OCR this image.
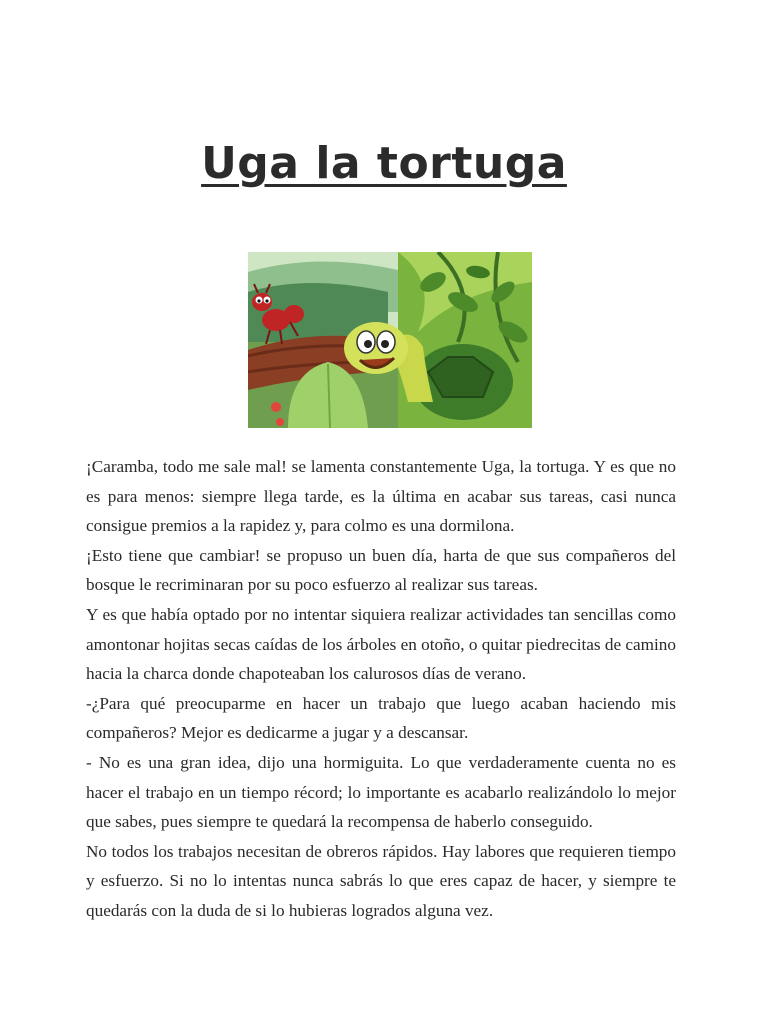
Uga la tortuga

¡Caramba, todo me sale mal! se lamenta constantemente Uga, la tortuga. Y es que no es para menos: siempre llega tarde, es la última en acabar sus tareas, casi nunca consigue premios a la rapidez y, para colmo es una dormilona.

¡Esto tiene que cambiar! se propuso un buen día, harta de que sus compañeros del bosque le recriminaran por su poco esfuerzo al realizar sus tareas.

Y es que había optado por no intentar siquiera realizar actividades tan sencillas como amontonar hojitas secas caídas de los árboles en otoño, o quitar piedrecitas de camino hacia la charca donde chapoteaban los calurosos días de verano.

-¿Para qué preocuparme en hacer un trabajo que luego acaban haciendo mis compañeros? Mejor es dedicarme a jugar y a descansar.

- No es una gran idea, dijo una hormiguita. Lo que verdaderamente cuenta no es hacer el trabajo en un tiempo récord; lo importante es acabarlo realizándolo lo mejor que sabes, pues siempre te quedará la recompensa de haberlo conseguido.

No todos los trabajos necesitan de obreros rápidos. Hay labores que requieren tiempo y esfuerzo. Si no lo intentas nunca sabrás lo que eres capaz de hacer, y siempre te quedarás con la duda de si lo hubieras logrados alguna vez.
